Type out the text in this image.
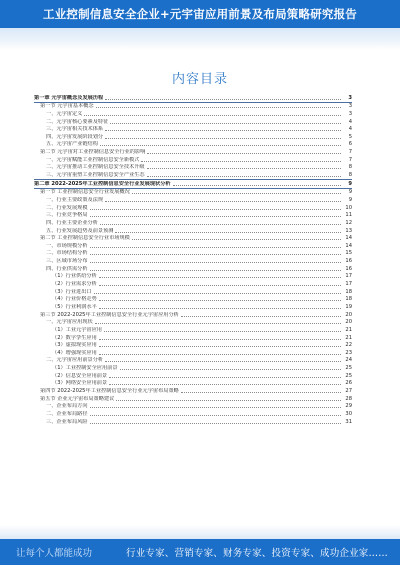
工业控制信息安全企业+元宇宙应用前景及布局策略研究报告
内容目录
第一章 元宇宙概念及发展历程	3
第一节 元宇宙基本概念	3
一、元宇宙定义	3
二、元宇宙核心要素及特征	4
三、元宇宙相关技术体系	4
四、元宇宙发展阶段划分	5
五、元宇宙产业链结构	6
第二节 元宇宙对工业控制信息安全行业的影响	7
一、元宇宙赋能工业控制信息安全新模式	7
二、元宇宙推动工业控制信息安全技术升级	8
三、元宇宙重塑工业控制信息安全产业生态	8
第二章 2022-2025年工业控制信息安全行业发展现状分析	9
第一节 工业控制信息安全行业发展概况	9
一、行业主要政策及法规	9
二、行业发展规模	10
三、行业竞争格局	11
四、行业主要企业分析	12
五、行业发展趋势及前景预测	13
第二节 工业控制信息安全行业市场规模	14
一、市场规模分析	14
二、市场结构分析	15
三、区域市场分布	16
四、行业供需分析	16
（1）行业供给分析	17
（2）行业需求分析	17
（3）行业进出口	18
（4）行业价格走势	18
（5）行业利润水平	19
第三节 2022-2025年工业控制信息安全行业元宇宙应用分析	20
一、元宇宙应用现状	20
（1）工业元宇宙应用	21
（2）数字孪生应用	21
（3）虚拟现实应用	22
（4）增强现实应用	23
二、元宇宙应用前景分析	24
（1）工业控制安全应用前景	25
（2）信息安全应用前景	25
（3）网络安全应用前景	26
第四节 2022-2025年工业控制信息安全行业元宇宙布局策略	27
第五节 企业元宇宙布局策略建议	28
一、企业布局方向	29
二、企业布局路径	30
三、企业布局风险	31
让每个人都能成功	行业专家、营销专家、财务专家、投资专家、成功企业家……
